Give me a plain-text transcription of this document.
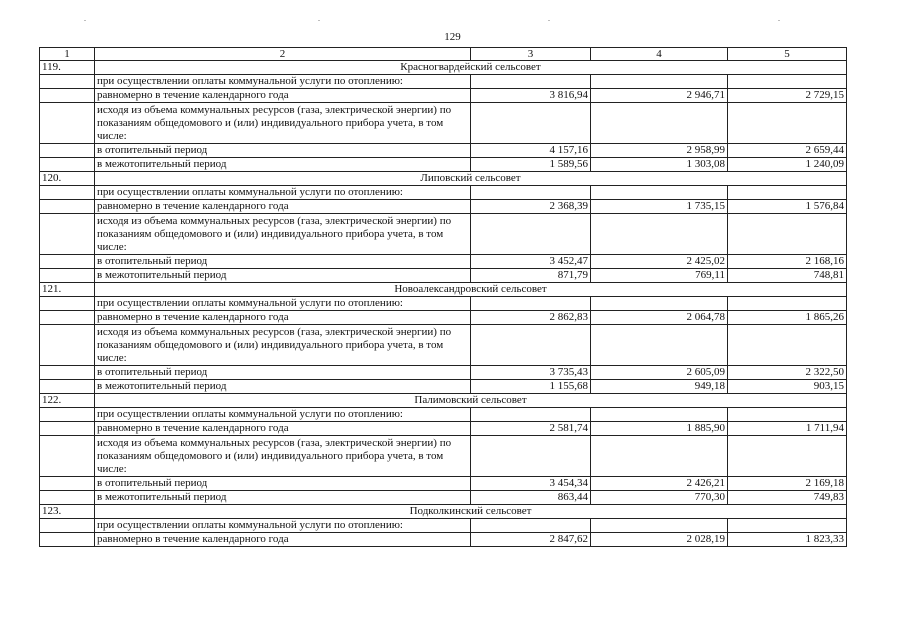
.	.	.	.
129
1	2	3	4	5
119.	Красногвардейский сельсовет			
	при осуществлении оплаты коммунальной услуги по отоплению:			
	равномерно в течение календарного года	3 816,94	2 946,71	2 729,15
	исходя из объема коммунальных ресурсов (газа, электрической энергии) по показаниям общедомового и (или) индивидуального прибора учета, в том числе:			
	в отопительный период	4 157,16	2 958,99	2 659,44
	в межотопительный период	1 589,56	1 303,08	1 240,09
120.	Липовский сельсовет			
	при осуществлении оплаты коммунальной услуги по отоплению:			
	равномерно в течение календарного года	2 368,39	1 735,15	1 576,84
	исходя из объема коммунальных ресурсов (газа, электрической энергии) по показаниям общедомового и (или) индивидуального прибора учета, в том числе:			
	в отопительный период	3 452,47	2 425,02	2 168,16
	в межотопительный период	871,79	769,11	748,81
121.	Новоалександровский сельсовет			
	при осуществлении оплаты коммунальной услуги по отоплению:			
	равномерно в течение календарного года	2 862,83	2 064,78	1 865,26
	исходя из объема коммунальных ресурсов (газа, электрической энергии) по показаниям общедомового и (или) индивидуального прибора учета, в том числе:			
	в отопительный период	3 735,43	2 605,09	2 322,50
	в межотопительный период	1 155,68	949,18	903,15
122.	Палимовский сельсовет			
	при осуществлении оплаты коммунальной услуги по отоплению:			
	равномерно в течение календарного года	2 581,74	1 885,90	1 711,94
	исходя из объема коммунальных ресурсов (газа, электрической энергии) по показаниям общедомового и (или) индивидуального прибора учета, в том числе:			
	в отопительный период	3 454,34	2 426,21	2 169,18
	в межотопительный период	863,44	770,30	749,83
123.	Подколкинский сельсовет			
	при осуществлении оплаты коммунальной услуги по отоплению:			
	равномерно в течение календарного года	2 847,62	2 028,19	1 823,33
